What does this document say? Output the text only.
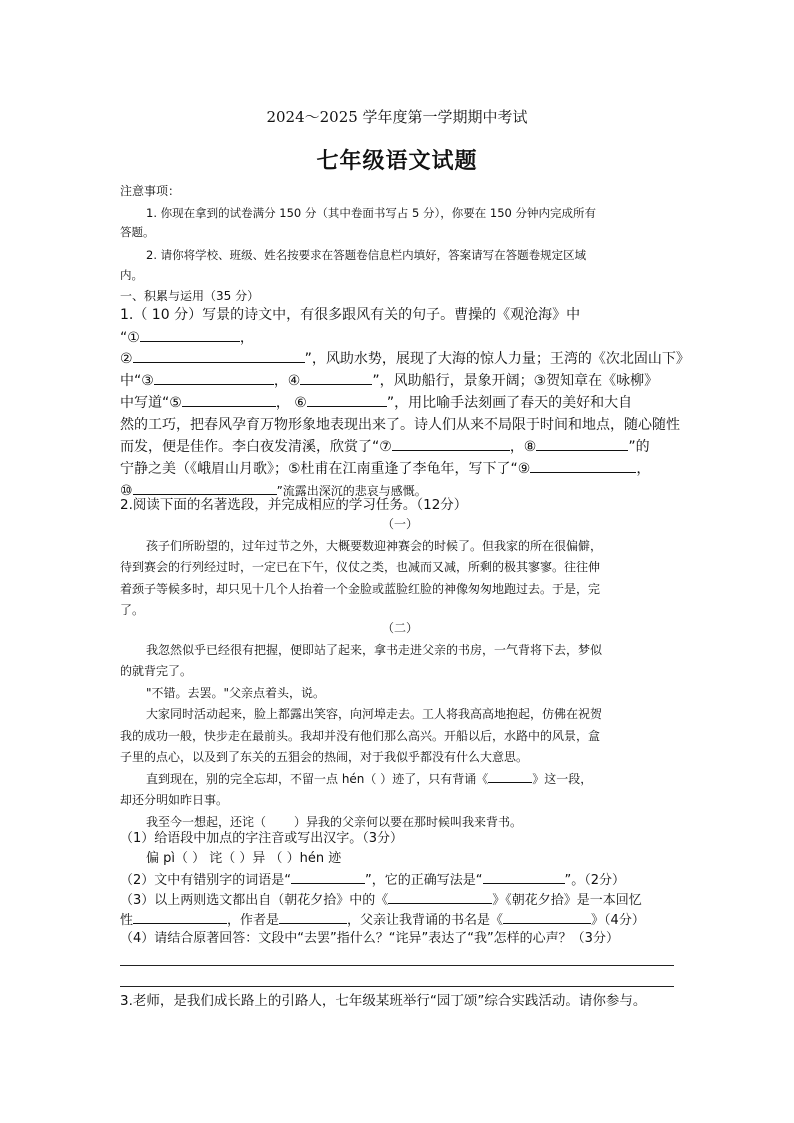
2024～2025 学年度第一学期期中考试
七年级语文试题
注意事项：
1. 你现在拿到的试卷满分 150 分（其中卷面书写占 5 分），你要在 150 分钟内完成所有
答题。
2. 请你将学校、班级、姓名按要求在答题卷信息栏内填好，答案请写在答题卷规定区域
内。
一、积累与运用（35 分）
1.（ 10 分）写景的诗文中，有很多跟风有关的句子。曹操的《观沧海》中
“①	，
②	”，风助水势，展现了大海的惊人力量；王湾的《次北固山下》
中“③	，④	”，风助船行，景象开阔；③贺知章在《咏柳》
中写道“⑤	， ⑥	”，用比喻手法刻画了春天的美好和大自
然的工巧，把春风孕育万物形象地表现出来了。诗人们从来不局限于时间和地点，随心随性
而发，便是佳作。李白夜发清溪，欣赏了“⑦	，⑧	”的
宁静之美（《峨眉山月歌》；⑤杜甫在江南重逢了李龟年，写下了“⑨	，
⑩	”流露出深沉的悲哀与感慨。
2.阅读下面的名著选段，并完成相应的学习任务。（12分）
（一）
孩子们所盼望的，过年过节之外，大概要数迎神赛会的时候了。但我家的所在很偏僻，
待到赛会的行列经过时，一定已在下午，仪仗之类，也减而又减，所剩的极其寥寥。往往伸
着颈子等候多时，却只见十几个人抬着一个金脸或蓝脸红脸的神像匆匆地跑过去。于是，完
了。
（二）
我忽然似乎已经很有把握，便即站了起来，拿书走进父亲的书房，一气背将下去，梦似
的就背完了。
"不错。去罢。"父亲点着头，说。
大家同时活动起来，脸上都露出笑容，向河埠走去。工人将我高高地抱起，仿佛在祝贺
我的成功一般，快步走在最前头。我却并没有他们那么高兴。开船以后，水路中的风景，盒
子里的点心，以及到了东关的五猖会的热闹，对于我似乎都没有什么大意思。
直到现在，别的完全忘却，不留一点 hén（ ）迹了，只有背诵《	》这一段，
却还分明如昨日事。
我至今一想起，还诧（ ）异我的父亲何以要在那时候叫我来背书。
（1）给语段中加点的字注音或写出汉字。（3分）
偏 pì（ ） 诧（ ）异 （ ）hén 迹
（2）文中有错别字的词语是“	”，它的正确写法是“	”。（2分）
（3）以上两则选文都出自（朝花夕拾》中的《	》《朝花夕拾》是一本回忆
性	，作者是	，父亲让我背诵的书名是《	》（4分）
（4）请结合原著回答：文段中“去罢”指什么？“诧异”表达了“我”怎样的心声？（3分）
3.老师，是我们成长路上的引路人，七年级某班举行“园丁颂”综合实践活动。请你参与。
